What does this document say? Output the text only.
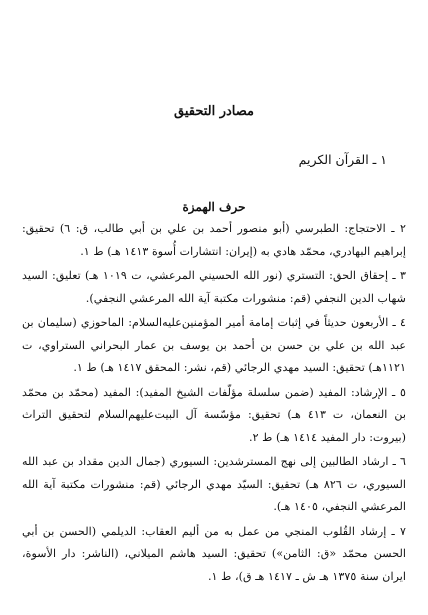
مصادر التحقيق
١ ـ القرآن الكريم
حرف الهمزة

٢ ـ الاحتجاج: الطبرسي (أبو منصور أحمد بن علي بن أبي طالب، ق: ٦) تحقيق: إبراهيم البهادري، محمّد هادي به (إيران: انتشارات أُسوة ١٤١٣ هـ) ط ١.

٣ ـ إحقاق الحق: التستري (نور الله الحسيني المرعشي، ت ١٠١٩ هـ) تعليق: السيد شهاب الدين النجفي (قم: منشورات مكتبة آية الله المرعشي النجفي).

٤ ـ الأربعون حديثاً في إثبات إمامة أمير المؤمنين‌عليه‌السلام: الماحوزي (سليمان بن عبد الله بن علي بن حسن بن أحمد بن يوسف بن عمار البحراني الستراوي، ت ١١٢١هـ) تحقيق: السيد مهدي الرجائي (قم، نشر: المحقق ١٤١٧ هـ) ط ١.

٥ ـ الإرشاد: المفيد (ضمن سلسلة مؤلّفات الشيخ المفيد): المفيد (محمّد بن محمّد بن النعمان، ت ٤١٣ هـ) تحقيق: مؤسّسة آل البيت‌عليهم‌السلام لتحقيق التراث (بيروت: دار المفيد ١٤١٤ هـ) ط ٢.

٦ ـ ارشاد الطالبين إلى نهج المسترشدين: السيوري (جمال الدين مقداد بن عبد الله السيوري، ت ٨٢٦ هـ) تحقيق: السيّد مهدي الرجائي (قم: منشورات مكتبة آية الله المرعشي النجفي، ١٤٠٥ هـ).

٧ ـ إرشاد القُلوب المنجي من عمل به من أليم العقاب: الديلمي (الحسن بن أبي الحسن محمّد «ق: الثامن») تحقيق: السيد هاشم الميلاني، (الناشر: دار الأسوة، ايران سنة ١٣٧٥ هـ ش ـ ١٤١٧ هـ ق)، ط ١.
